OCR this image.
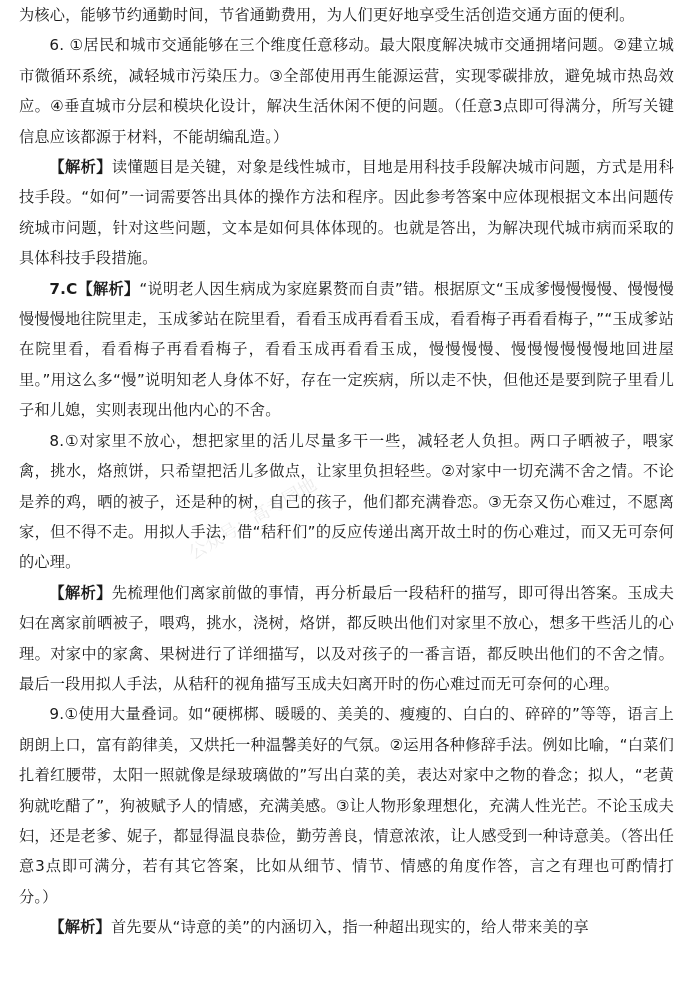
为核心，能够节约通勤时间，节省通勤费用，为人们更好地享受生活创造交通方面的便利。

6. ①居民和城市交通能够在三个维度任意移动。最大限度解决城市交通拥堵问题。②建立城市微循环系统，减轻城市污染压力。③全部使用再生能源运营，实现零碳排放，避免城市热岛效应。④垂直城市分层和模块化设计，解决生活休闲不便的问题。（任意3点即可得满分，所写关键信息应该都源于材料，不能胡编乱造。）

【解析】读懂题目是关键，对象是线性城市，目地是用科技手段解决城市问题，方式是用科技手段。“如何”一词需要答出具体的操作方法和程序。因此参考答案中应体现根据文本出问题传统城市问题，针对这些问题，文本是如何具体体现的。也就是答出，为解决现代城市病而采取的具体科技手段措施。

7.C【解析】“说明老人因生病成为家庭累赘而自责”错。根据原文“玉成爹慢慢慢慢、慢慢慢慢慢慢地往院里走，玉成爹站在院里看，看看玉成再看看玉成，看看梅子再看看梅子，”“玉成爹站在院里看，看看梅子再看看梅子，看看玉成再看看玉成，慢慢慢慢、慢慢慢慢慢慢地回进屋里。”用这么多“慢”说明知老人身体不好，存在一定疾病，所以走不快，但他还是要到院子里看儿子和儿媳，实则表现出他内心的不舍。

8.①对家里不放心，想把家里的活儿尽量多干一些，减轻老人负担。两口子晒被子，喂家禽，挑水，烙煎饼，只希望把活儿多做点，让家里负担轻些。②对家中一切充满不舍之情。不论是养的鸡，晒的被子，还是种的树，自己的孩子，他们都充满眷恋。③无奈又伤心难过，不愿离家，但不得不走。用拟人手法，借“秸秆们”的反应传递出离开故土时的伤心难过，而又无可奈何的心理。

【解析】先梳理他们离家前做的事情，再分析最后一段秸秆的描写，即可得出答案。玉成夫妇在离家前晒被子，喂鸡，挑水，浇树，烙饼，都反映出他们对家里不放心，想多干些活儿的心理。对家中的家禽、果树进行了详细描写，以及对孩子的一番言语，都反映出他们的不舍之情。最后一段用拟人手法，从秸秆的视角描写玉成夫妇离开时的伤心难过而无可奈何的心理。

9.①使用大量叠词。如“硬梆梆、暖暖的、美美的、瘦瘦的、白白的、碎碎的”等等，语言上朗朗上口，富有韵律美，又烘托一种温馨美好的气氛。②运用各种修辞手法。例如比喻，“白菜们扎着红腰带，太阳一照就像是绿玻璃做的”写出白菜的美，表达对家中之物的眷念；拟人，“老黄狗就吃醋了”，狗被赋予人的情感，充满美感。③让人物形象理想化，充满人性光芒。不论玉成夫妇，还是老爹、妮子，都显得温良恭俭，勤劳善良，情意浓浓，让人感受到一种诗意美。（答出任意3点即可满分，若有其它答案，比如从细节、情节、情感的角度作答，言之有理也可酌情打分。）

【解析】首先要从“诗意的美”的内涵切入，指一种超出现实的，给人带来美的享

公众号：高考园地
